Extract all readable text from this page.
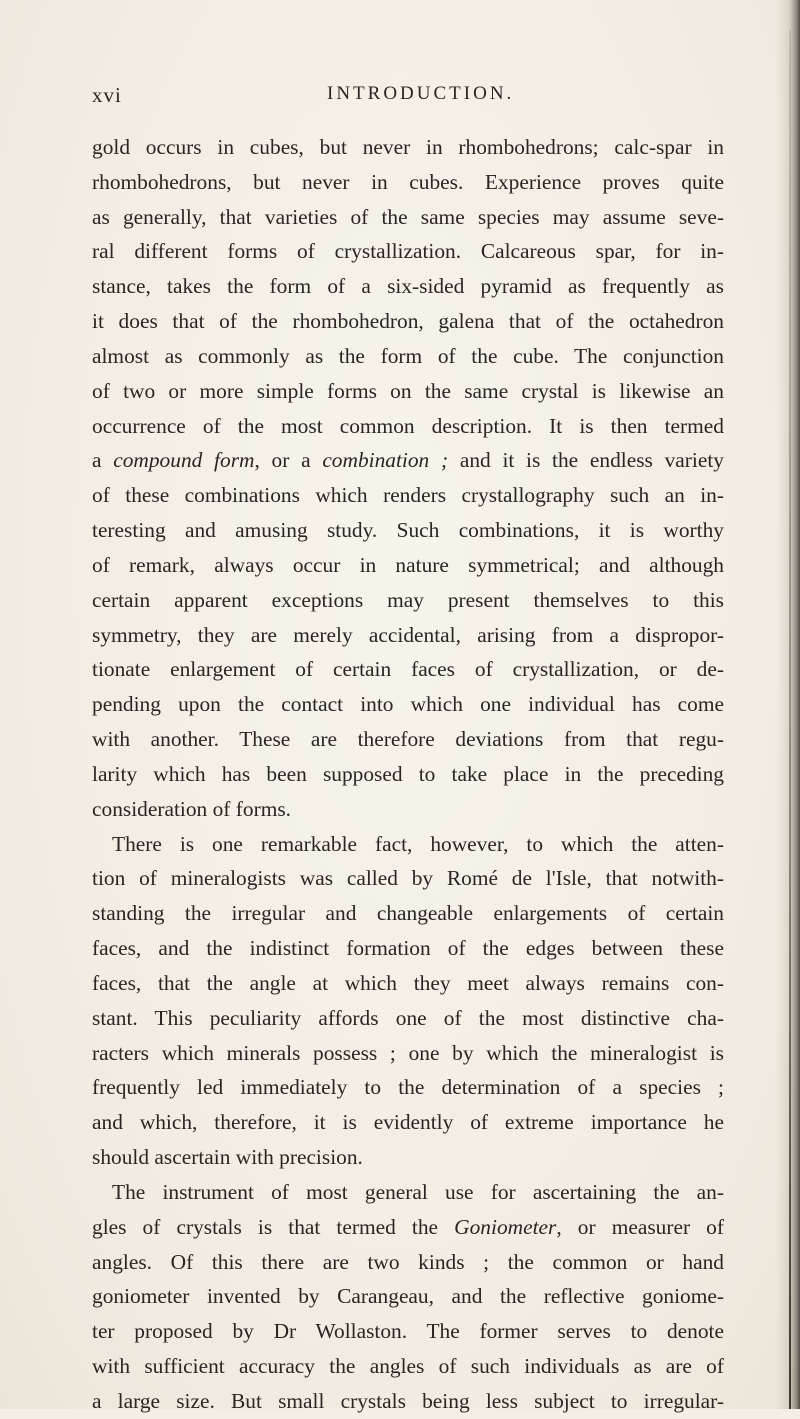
xvi	INTRODUCTION.
gold occurs in cubes, but never in rhombohedrons; calc-spar in
rhombohedrons, but never in cubes. Experience proves quite
as generally, that varieties of the same species may assume seve-
ral different forms of crystallization. Calcareous spar, for in-
stance, takes the form of a six-sided pyramid as frequently as
it does that of the rhombohedron, galena that of the octahedron
almost as commonly as the form of the cube. The conjunction
of two or more simple forms on the same crystal is likewise an
occurrence of the most common description. It is then termed
a compound form, or a combination ; and it is the endless variety
of these combinations which renders crystallography such an in-
teresting and amusing study. Such combinations, it is worthy
of remark, always occur in nature symmetrical; and although
certain apparent exceptions may present themselves to this
symmetry, they are merely accidental, arising from a dispropor-
tionate enlargement of certain faces of crystallization, or de-
pending upon the contact into which one individual has come
with another. These are therefore deviations from that regu-
larity which has been supposed to take place in the preceding
consideration of forms.
There is one remarkable fact, however, to which the atten-
tion of mineralogists was called by Romé de l'Isle, that notwith-
standing the irregular and changeable enlargements of certain
faces, and the indistinct formation of the edges between these
faces, that the angle at which they meet always remains con-
stant. This peculiarity affords one of the most distinctive cha-
racters which minerals possess ; one by which the mineralogist is
frequently led immediately to the determination of a species ;
and which, therefore, it is evidently of extreme importance he
should ascertain with precision.
The instrument of most general use for ascertaining the an-
gles of crystals is that termed the Goniometer, or measurer of
angles. Of this there are two kinds ; the common or hand
goniometer invented by Carangeau, and the reflective goniome-
ter proposed by Dr Wollaston. The former serves to denote
with sufficient accuracy the angles of such individuals as are of
a large size. But small crystals being less subject to irregular-
